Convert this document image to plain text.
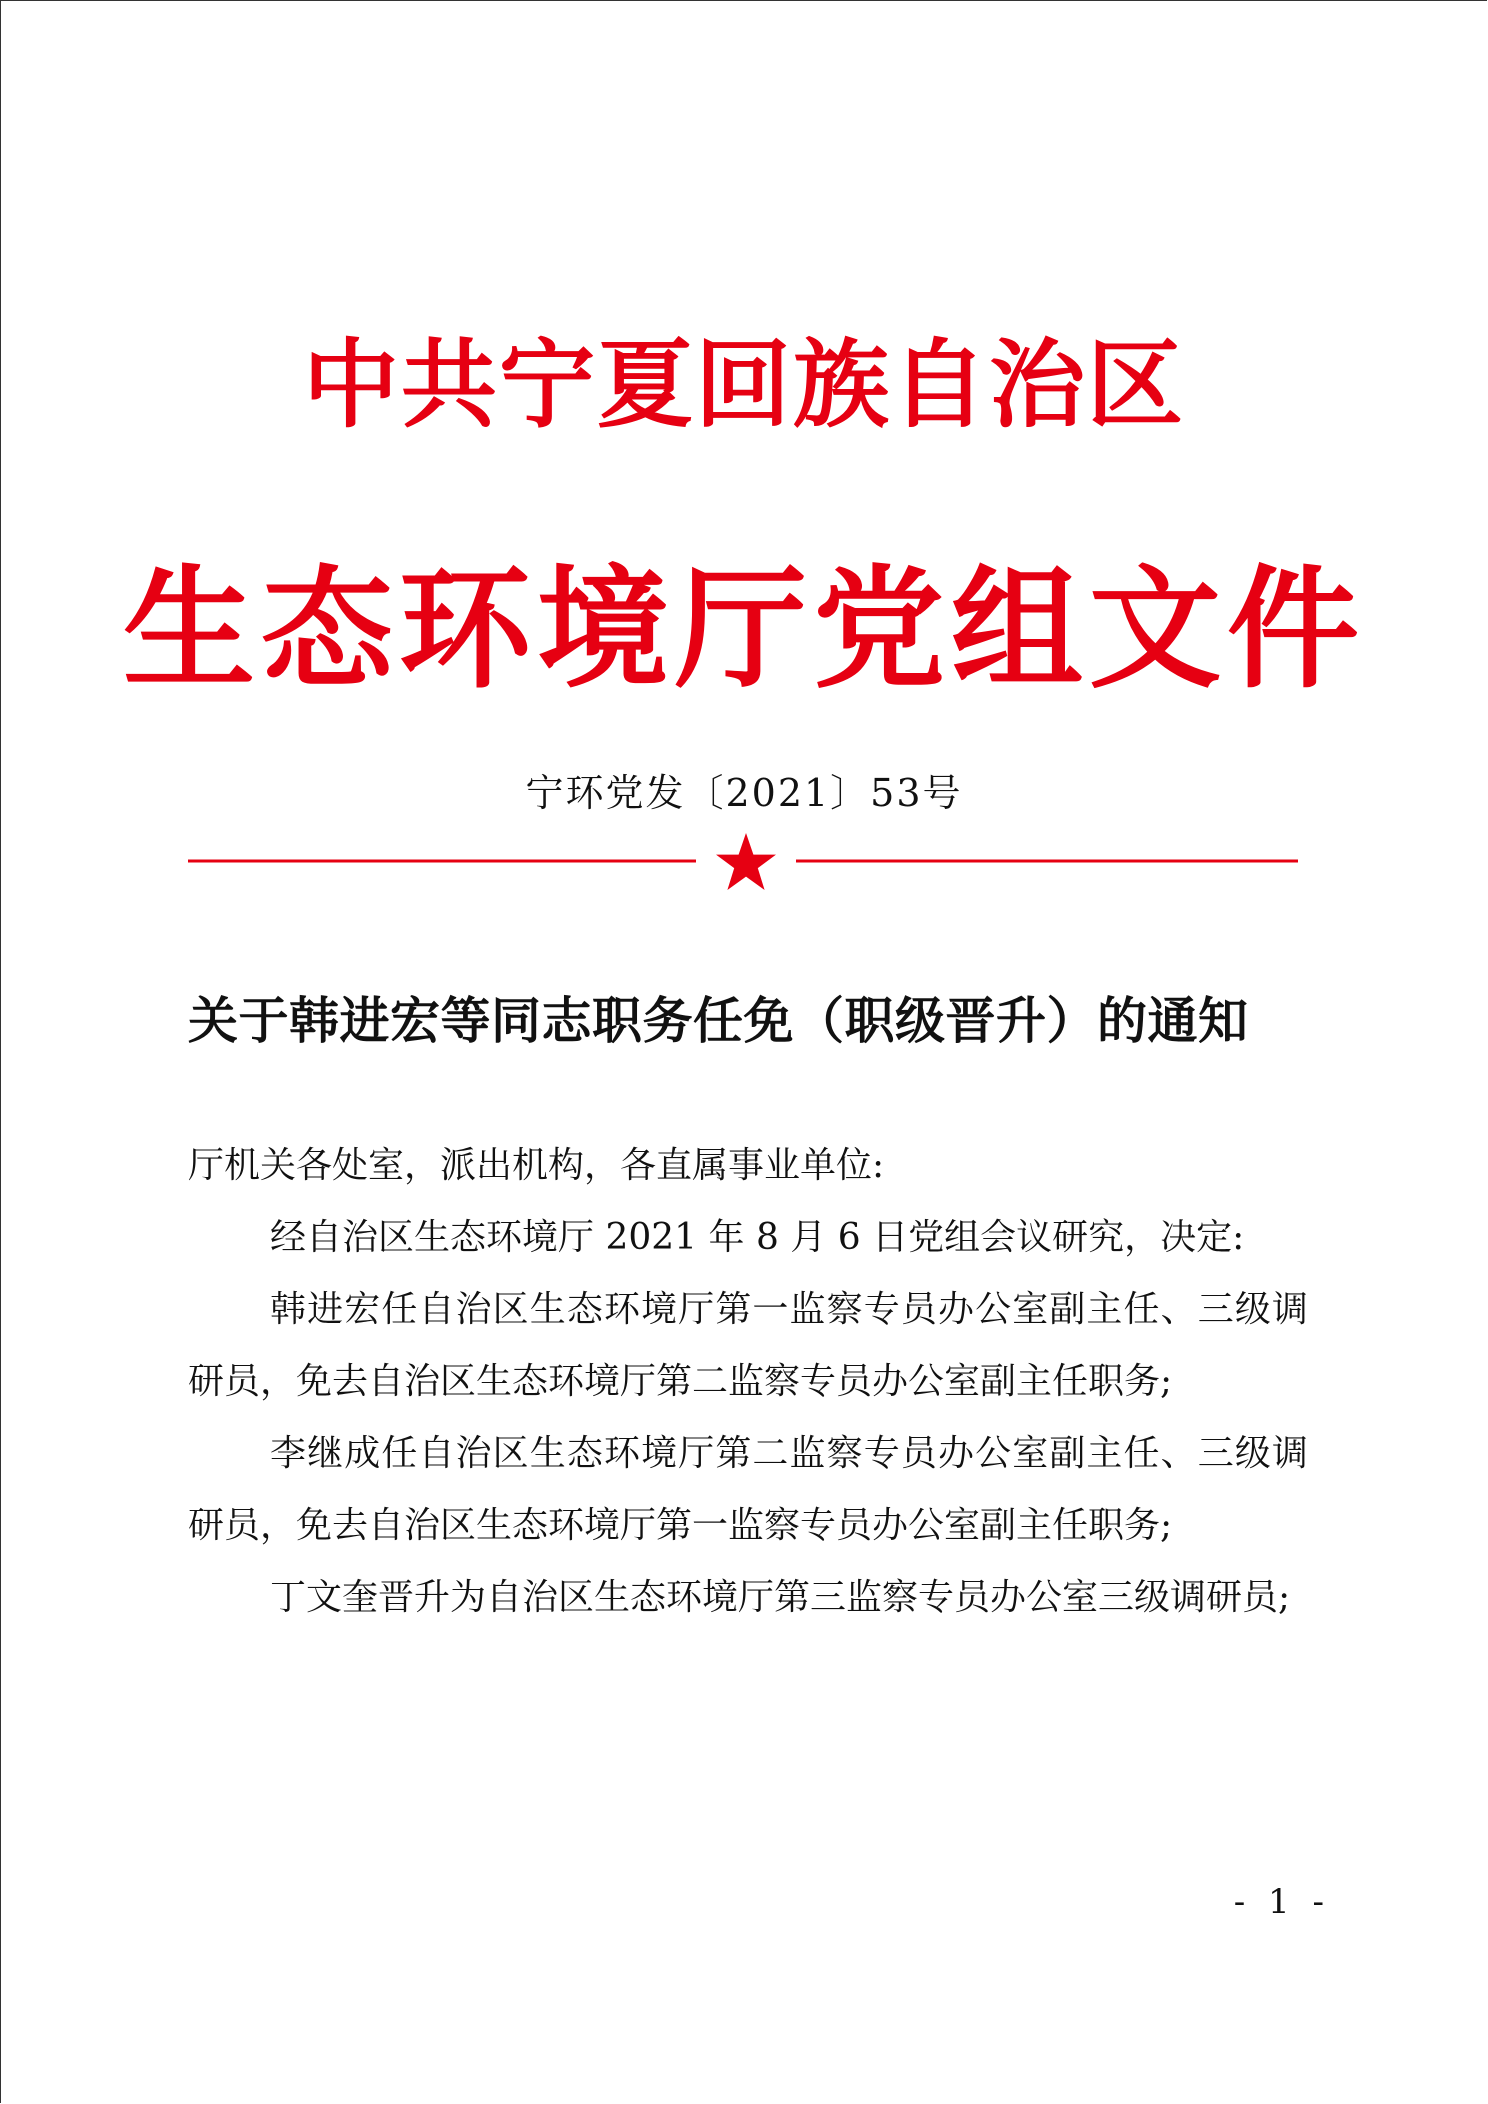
中共宁夏回族自治区
生态环境厅党组文件
宁环党发〔2021〕53号
关于韩进宏等同志职务任免（职级晋升）的通知

厅机关各处室，派出机构，各直属事业单位:

经自治区生态环境厅 2021 年 8 月 6 日党组会议研究，决定:

韩进宏任自治区生态环境厅第一监察专员办公室副主任、三级调研员，免去自治区生态环境厅第二监察专员办公室副主任职务;

李继成任自治区生态环境厅第二监察专员办公室副主任、三级调研员，免去自治区生态环境厅第一监察专员办公室副主任职务;

丁文奎晋升为自治区生态环境厅第三监察专员办公室三级调研员;

- 1 -
